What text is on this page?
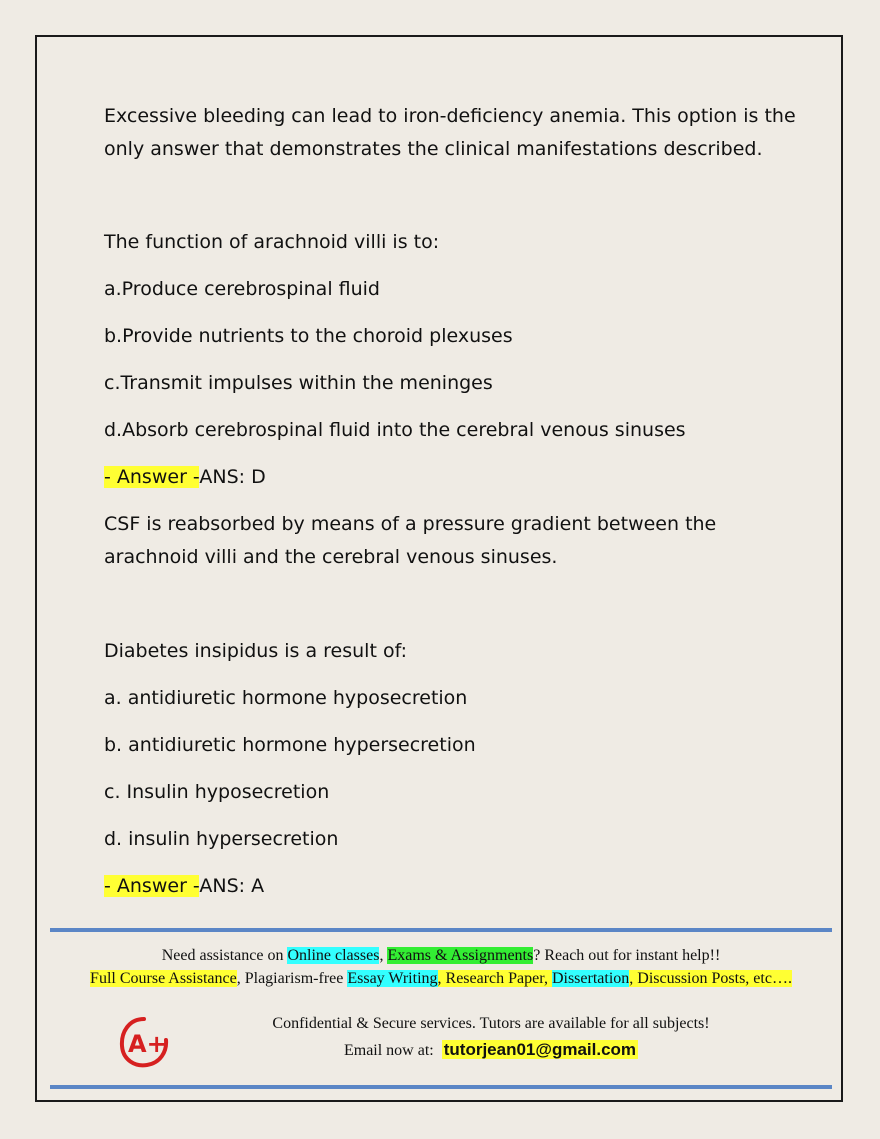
Excessive bleeding can lead to iron-deficiency anemia. This option is the

only answer that demonstrates the clinical manifestations described.

The function of arachnoid villi is to:

a.Produce cerebrospinal fluid

b.Provide nutrients to the choroid plexuses

c.Transmit impulses within the meninges

d.Absorb cerebrospinal fluid into the cerebral venous sinuses

- Answer -ANS: D

CSF is reabsorbed by means of a pressure gradient between the

arachnoid villi and the cerebral venous sinuses.

Diabetes insipidus is a result of:

a. antidiuretic hormone hyposecretion

b. antidiuretic hormone hypersecretion

c. Insulin hyposecretion

d. insulin hypersecretion

- Answer -ANS: A

Need assistance on Online classes, Exams & Assignments? Reach out for instant help!!
Full Course Assistance, Plagiarism-free Essay Writing, Research Paper, Dissertation, Discussion Posts, etc….
A+
Confidential & Secure services. Tutors are available for all subjects!
Email now at: tutorjean01@gmail.com
